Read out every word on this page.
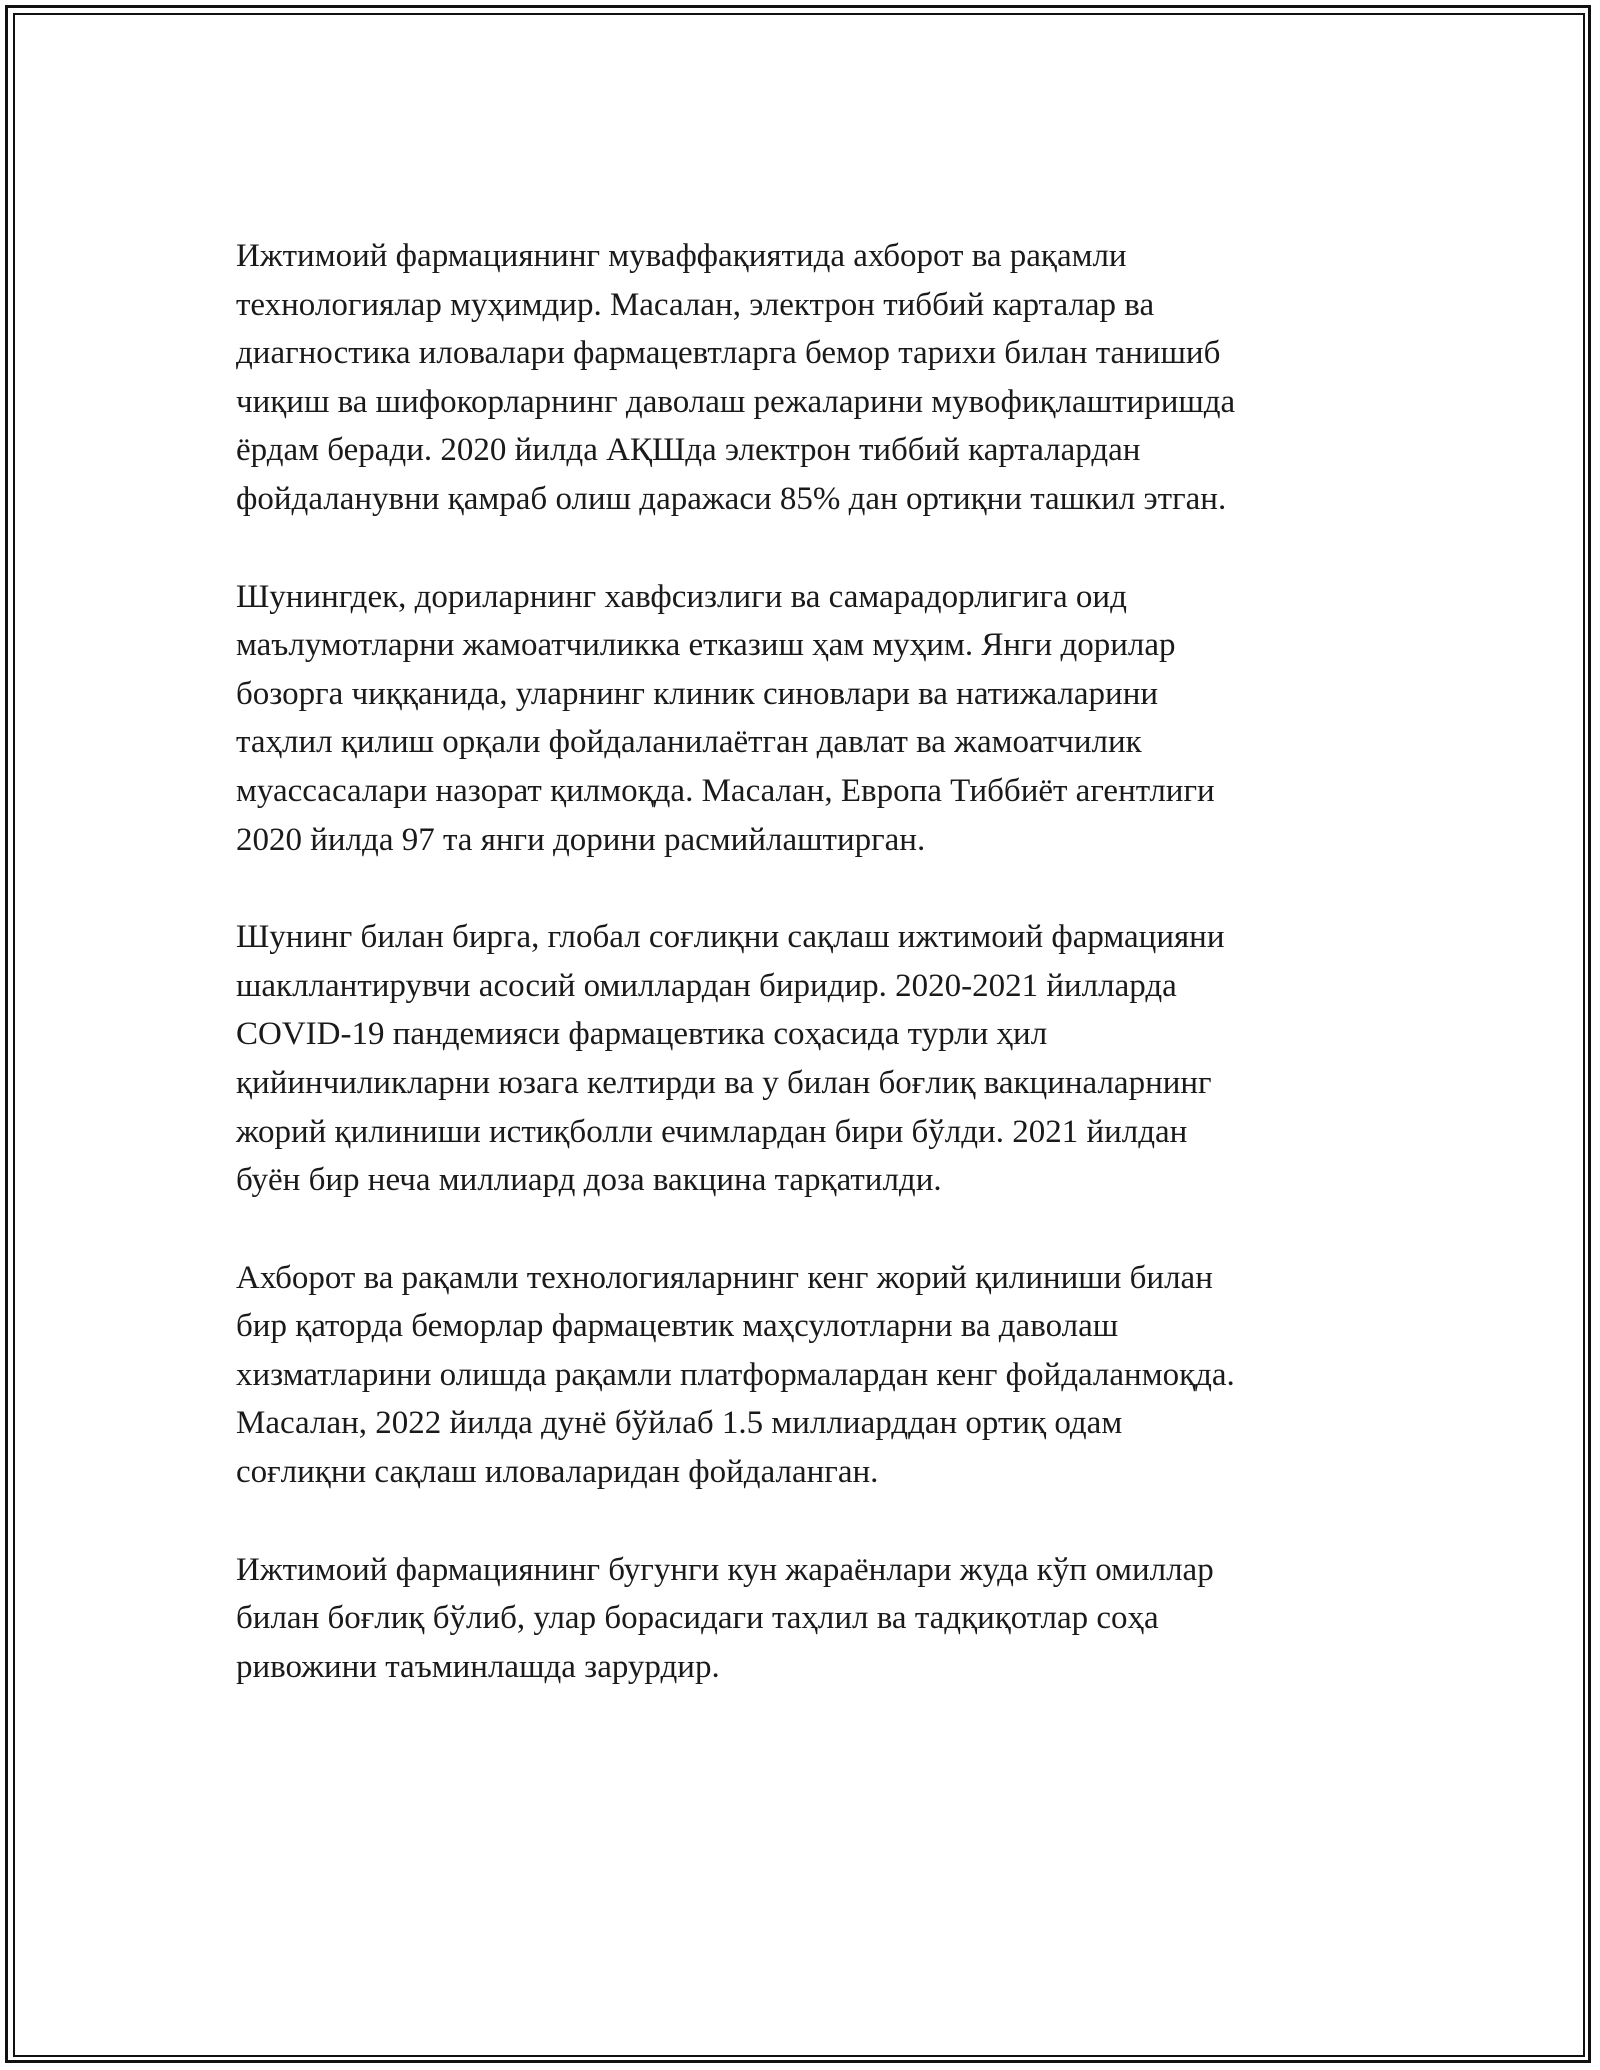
Ижтимоий фармациянинг муваффақиятида ахборот ва рақамли
технологиялар муҳимдир. Масалан, электрон тиббий карталар ва
диагностика иловалари фармацевтларга бемор тарихи билан танишиб
чиқиш ва шифокорларнинг даволаш режаларини мувофиқлаштиришда
ёрдам беради. 2020 йилда АҚШда электрон тиббий карталардан
фойдаланувни қамраб олиш даражаси 85% дан ортиқни ташкил этган.

Шунингдек, дориларнинг хавфсизлиги ва самарадорлигига оид
маълумотларни жамоатчиликка етказиш ҳам муҳим. Янги дорилар
бозорга чиққанида, уларнинг клиник синовлари ва натижаларини
таҳлил қилиш орқали фойдаланилаётган давлат ва жамоатчилик
муассасалари назорат қилмоқда. Масалан, Европа Тиббиёт агентлиги
2020 йилда 97 та янги дорини расмийлаштирган.

Шунинг билан бирга, глобал соғлиқни сақлаш ижтимоий фармацияни
шакллантирувчи асосий омиллардан биридир. 2020-2021 йилларда
COVID-19 пандемияси фармацевтика соҳасида турли ҳил
қийинчиликларни юзага келтирди ва у билан боғлиқ вакциналарнинг
жорий қилиниши истиқболли ечимлардан бири бўлди. 2021 йилдан
буён бир неча миллиард доза вакцина тарқатилди.

Ахборот ва рақамли технологияларнинг кенг жорий қилиниши билан
бир қаторда беморлар фармацевтик маҳсулотларни ва даволаш
хизматларини олишда рақамли платформалардан кенг фойдаланмоқда.
Масалан, 2022 йилда дунё бўйлаб 1.5 миллиарддан ортиқ одам
соғлиқни сақлаш иловаларидан фойдаланган.

Ижтимоий фармациянинг бугунги кун жараёнлари жуда кўп омиллар
билан боғлиқ бўлиб, улар борасидаги таҳлил ва тадқиқотлар соҳа
ривожини таъминлашда зарурдир.
